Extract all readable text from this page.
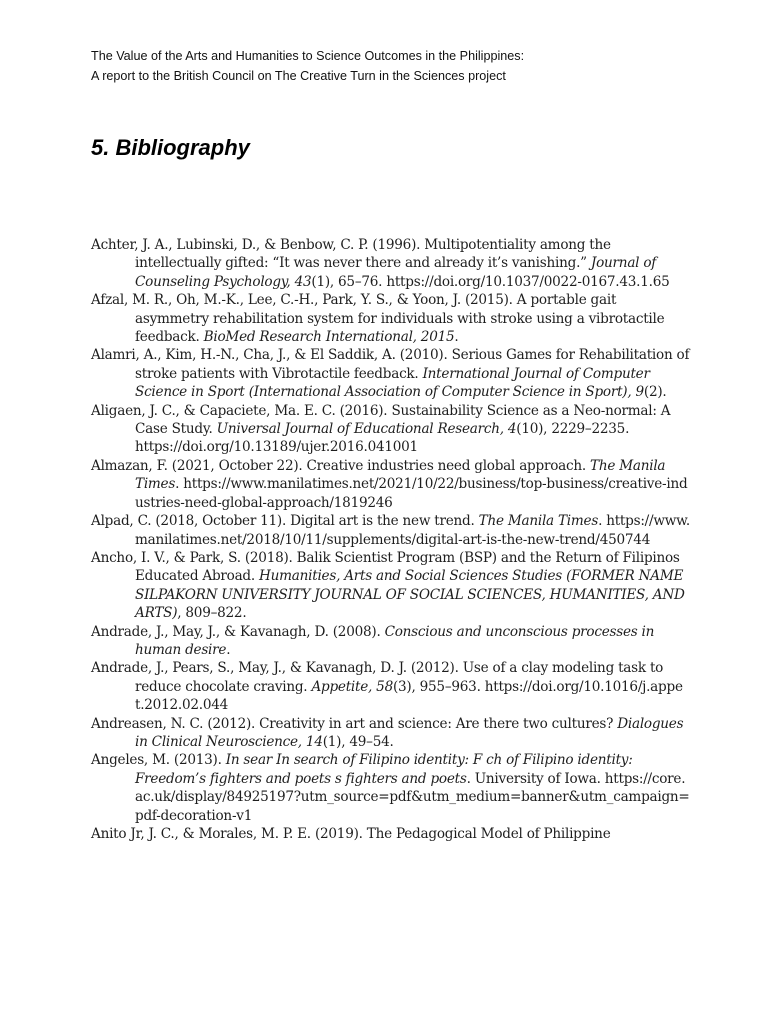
The Value of the Arts and Humanities to Science Outcomes in the Philippines:
A report to the British Council on The Creative Turn in the Sciences project
5. Bibliography
Achter, J. A., Lubinski, D., & Benbow, C. P. (1996). Multipotentiality among the intellectually gifted: “It was never there and already it’s vanishing.” Journal of Counseling Psychology, 43(1), 65–76. https://doi.org/10.1037/0022-0167.43.1.65
Afzal, M. R., Oh, M.-K., Lee, C.-H., Park, Y. S., & Yoon, J. (2015). A portable gait asymmetry rehabilitation system for individuals with stroke using a vibrotactile feedback. BioMed Research International, 2015.
Alamri, A., Kim, H.-N., Cha, J., & El Saddik, A. (2010). Serious Games for Rehabilitation of stroke patients with Vibrotactile feedback. International Journal of Computer Science in Sport (International Association of Computer Science in Sport), 9(2).
Aligaen, J. C., & Capaciete, Ma. E. C. (2016). Sustainability Science as a Neo-normal: A Case Study. Universal Journal of Educational Research, 4(10), 2229–2235. https://doi.org/10.13189/ujer.2016.041001
Almazan, F. (2021, October 22). Creative industries need global approach. The Manila Times. https://www.manilatimes.net/2021/10/22/business/top-business/creative-industries-need-global-approach/1819246
Alpad, C. (2018, October 11). Digital art is the new trend. The Manila Times. https://www.manilatimes.net/2018/10/11/supplements/digital-art-is-the-new-trend/450744
Ancho, I. V., & Park, S. (2018). Balik Scientist Program (BSP) and the Return of Filipinos Educated Abroad. Humanities, Arts and Social Sciences Studies (FORMER NAME SILPAKORN UNIVERSITY JOURNAL OF SOCIAL SCIENCES, HUMANITIES, AND ARTS), 809–822.
Andrade, J., May, J., & Kavanagh, D. (2008). Conscious and unconscious processes in human desire.
Andrade, J., Pears, S., May, J., & Kavanagh, D. J. (2012). Use of a clay modeling task to reduce chocolate craving. Appetite, 58(3), 955–963. https://doi.org/10.1016/j.appet.2012.02.044
Andreasen, N. C. (2012). Creativity in art and science: Are there two cultures? Dialogues in Clinical Neuroscience, 14(1), 49–54.
Angeles, M. (2013). In sear In search of Filipino identity: F ch of Filipino identity: Freedom’s fighters and poets s fighters and poets. University of Iowa. https://core.ac.uk/display/84925197?utm_source=pdf&utm_medium=banner&utm_campaign=pdf-decoration-v1
Anito Jr, J. C., & Morales, M. P. E. (2019). The Pedagogical Model of Philippine
